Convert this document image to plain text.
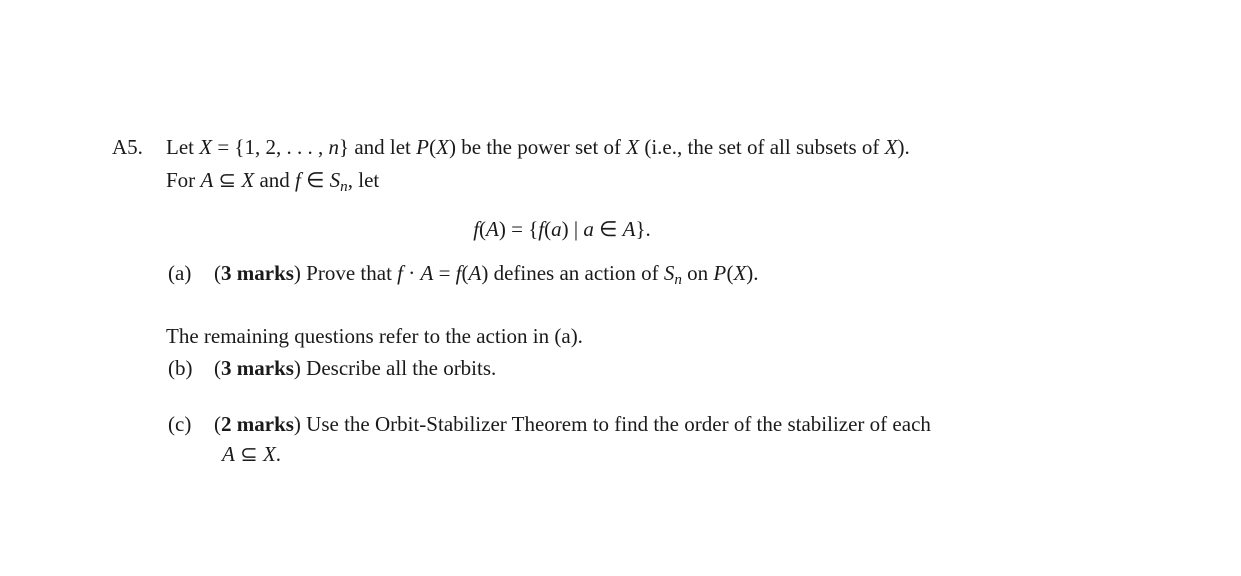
A5.	Let X = {1, 2, . . . , n} and let P(X) be the power set of X (i.e., the set of all subsets of X).
For A ⊆ X and f ∈ $S_n$, let
f(A) = {f(a) | a ∈ A}.
(a)	(3 marks) Prove that f · A = f(A) defines an action of $S_n$ on P(X).
The remaining questions refer to the action in (a).
(b)	(3 marks) Describe all the orbits.
(c)	(2 marks) Use the Orbit-Stabilizer Theorem to find the order of the stabilizer of each
A ⊆ X.
